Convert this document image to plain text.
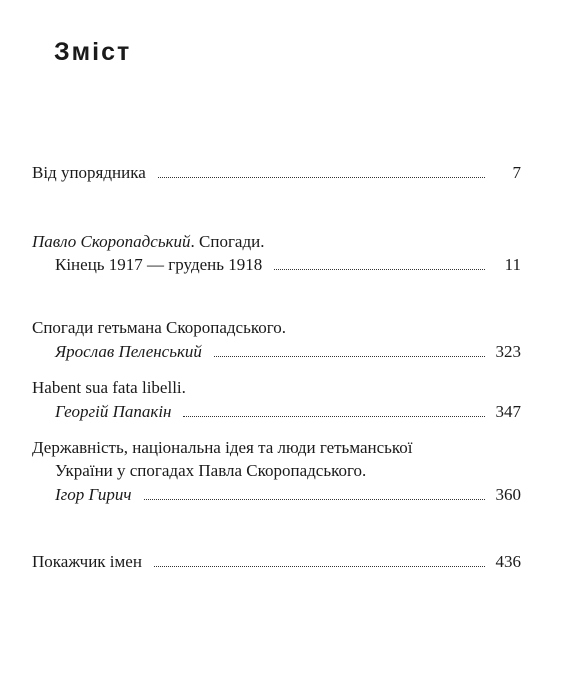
Зміст
Від упорядника	7
Павло Скоропадський . Спогади.
Кінець 1917 — грудень 1918	11
Спогади гетьмана Скоропадського.
Ярослав Пеленський	323
Habent sua fata libelli.
Георгій Папакін	347
Державність, національна ідея та люди гетьманської
України у спогадах Павла Скоропадського.
Ігор Гирич	360
Покажчик імен	436
